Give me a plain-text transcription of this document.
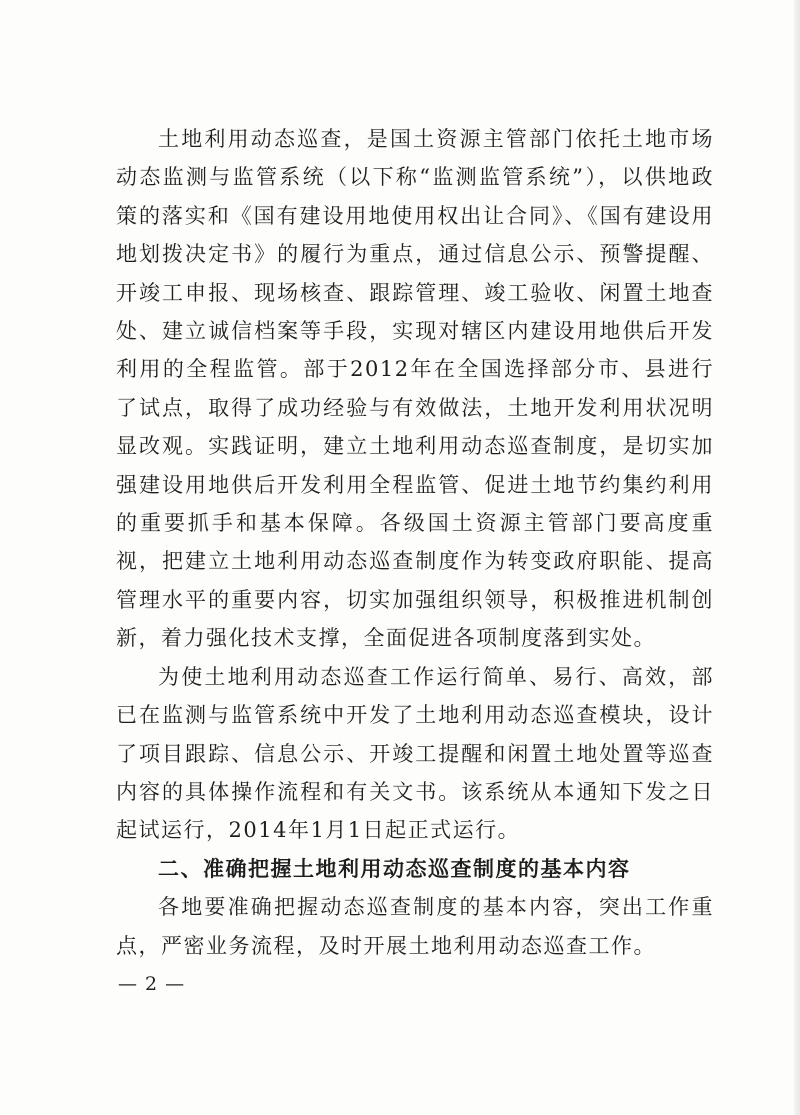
土地利用动态巡查，是国土资源主管部门依托土地市场动态监测与监管系统（以下称“监测监管系统”），以供地政策的落实和《国有建设用地使用权出让合同》、《国有建设用地划拨决定书》的履行为重点，通过信息公示、预警提醒、开竣工申报、现场核查、跟踪管理、竣工验收、闲置土地查处、建立诚信档案等手段，实现对辖区内建设用地供后开发利用的全程监管。部于2012年在全国选择部分市、县进行了试点，取得了成功经验与有效做法，土地开发利用状况明显改观。实践证明，建立土地利用动态巡查制度，是切实加强建设用地供后开发利用全程监管、促进土地节约集约利用的重要抓手和基本保障。各级国土资源主管部门要高度重视，把建立土地利用动态巡查制度作为转变政府职能、提高管理水平的重要内容，切实加强组织领导，积极推进机制创新，着力强化技术支撑，全面促进各项制度落到实处。

为使土地利用动态巡查工作运行简单、易行、高效，部已在监测与监管系统中开发了土地利用动态巡查模块，设计了项目跟踪、信息公示、开竣工提醒和闲置土地处置等巡查内容的具体操作流程和有关文书。该系统从本通知下发之日起试运行，2014年1月1日起正式运行。

二、准确把握土地利用动态巡查制度的基本内容

各地要准确把握动态巡查制度的基本内容，突出工作重点，严密业务流程，及时开展土地利用动态巡查工作。

— 2 —
